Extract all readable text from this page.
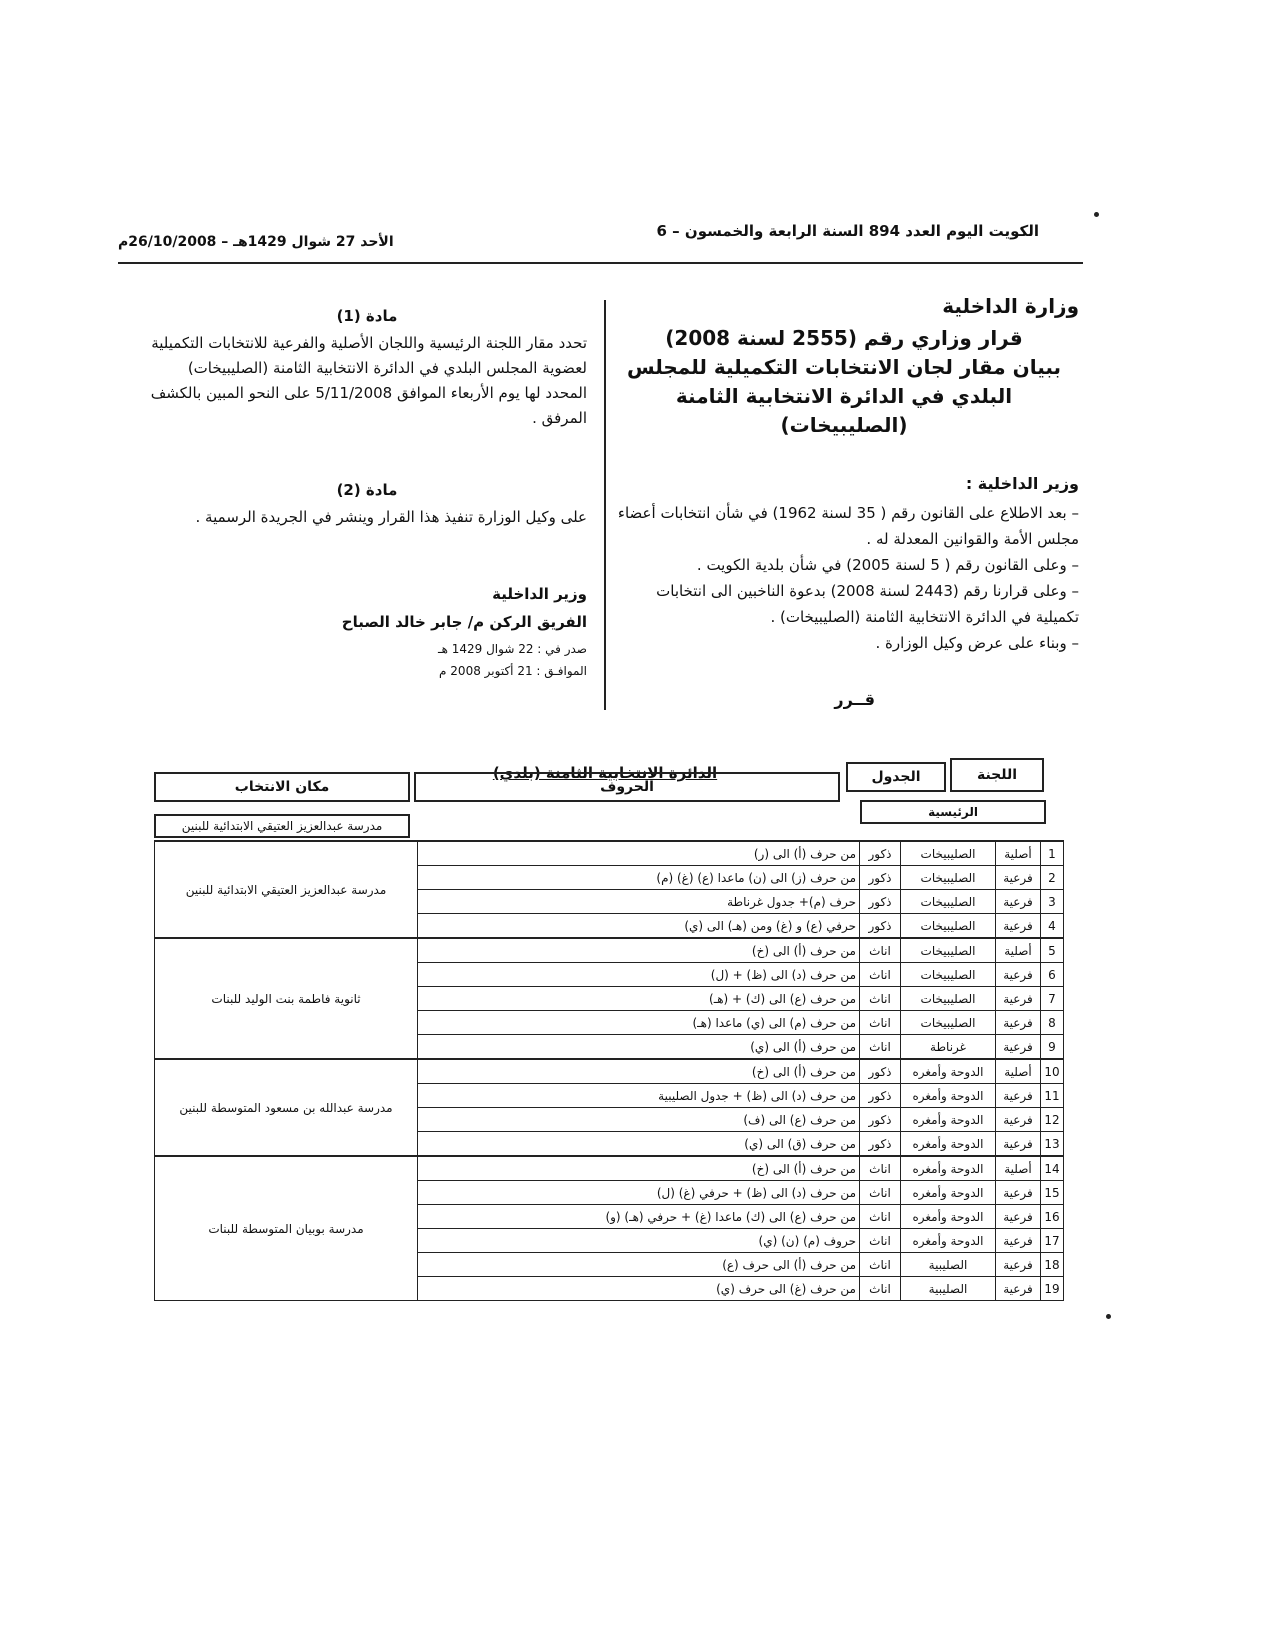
الأحد 27 شوال 1429هـ – 26/10/2008م
الكويت اليوم العدد 894 السنة الرابعة والخمسون – 6
وزارة الداخلية
قرار وزاري رقم (2555 لسنة 2008)
ببيان مقار لجان الانتخابات التكميلية للمجلس
البلدي في الدائرة الانتخابية الثامنة
(الصليبيخات)
وزير الداخلية :

– بعد الاطلاع على القانون رقم ( 35 لسنة 1962) في شأن انتخابات أعضاء مجلس الأمة والقوانين المعدلة له .

– وعلى القانون رقم ( 5 لسنة 2005) في شأن بلدية الكويت .

– وعلى قرارنا رقم (2443 لسنة 2008) بدعوة الناخبين الى انتخابات تكميلية في الدائرة الانتخابية الثامنة (الصليبيخات) .

– وبناء على عرض وكيل الوزارة .

قــرر
مادة (1)

تحدد مقار اللجنة الرئيسية واللجان الأصلية والفرعية للانتخابات التكميلية لعضوية المجلس البلدي في الدائرة الانتخابية الثامنة (الصليبيخات) المحدد لها يوم الأربعاء الموافق 5/11/2008 على النحو المبين بالكشف المرفق .

مادة (2)

على وكيل الوزارة تنفيذ هذا القرار وينشر في الجريدة الرسمية .

وزير الداخلية
الفريق الركن م/ جابر خالد الصباح
صدر في : 22 شوال 1429 هـ
الموافـق : 21 أكتوبر 2008 م
الدائرة الانتخابية الثامنة (بلدي)	اللجنة
الجدول
الحروف
مكان الانتخاب
الرئيسية
مدرسة عبدالعزيز العتيقي الابتدائية للبنين
1	أصلية	الصليبيخات	ذكور	من حرف (أ) الى (ر)	مدرسة عبدالعزيز العتيقي الابتدائية للبنين
2	فرعية	الصليبيخات	ذكور	من حرف (ز) الى (ن) ماعدا (ع) (غ) (م)	
3	فرعية	الصليبيخات	ذكور	حرف (م)+ جدول غرناطة	
4	فرعية	الصليبيخات	ذكور	حرفي (ع) و (غ) ومن (هـ) الى (ي)	
5	أصلية	الصليبيخات	اناث	من حرف (أ) الى (خ)	ثانوية فاطمة بنت الوليد للبنات
6	فرعية	الصليبيخات	اناث	من حرف (د) الى (ظ) + (ل)	
7	فرعية	الصليبيخات	اناث	من حرف (ع) الى (ك) + (هـ)	
8	فرعية	الصليبيخات	اناث	من حرف (م) الى (ي) ماعدا (هـ)	
9	فرعية	غرناطة	اناث	من حرف (أ) الى (ي)	
10	أصلية	الدوحة وأمغره	ذكور	من حرف (أ) الى (خ)	مدرسة عبدالله بن مسعود المتوسطة للبنين
11	فرعية	الدوحة وأمغره	ذكور	من حرف (د) الى (ظ) + جدول الصليبية	
12	فرعية	الدوحة وأمغره	ذكور	من حرف (ع) الى (ف)	
13	فرعية	الدوحة وأمغره	ذكور	من حرف (ق) الى (ي)	
14	أصلية	الدوحة وأمغره	اناث	من حرف (أ) الى (خ)	مدرسة بوبيان المتوسطة للبنات
15	فرعية	الدوحة وأمغره	اناث	من حرف (د) الى (ظ) + حرفي (غ) (ل)	
16	فرعية	الدوحة وأمغره	اناث	من حرف (ع) الى (ك) ماعدا (غ) + حرفي (هـ) (و)	
17	فرعية	الدوحة وأمغره	اناث	حروف (م) (ن) (ي)	
18	فرعية	الصليبية	اناث	من حرف (أ) الى حرف (ع)	
19	فرعية	الصليبية	اناث	من حرف (غ) الى حرف (ي)	
